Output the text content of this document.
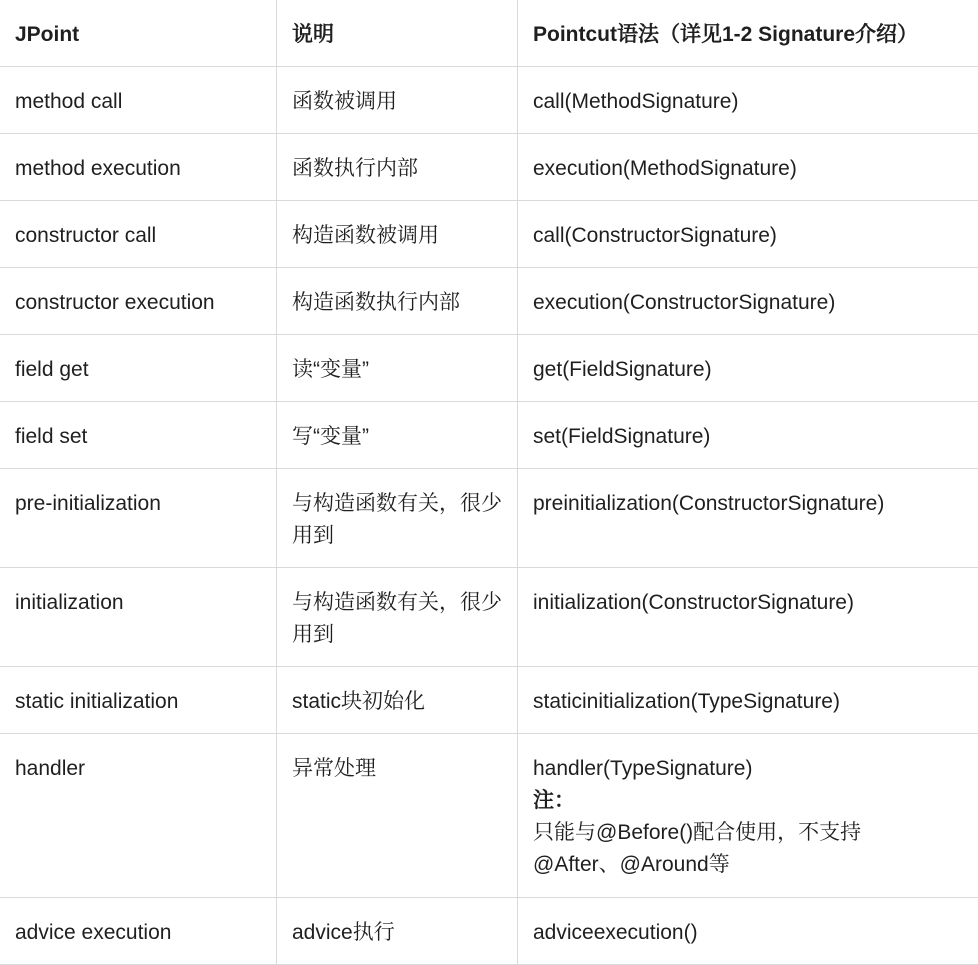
JPoint	说明	Pointcut语法（详见1-2 Signature介绍）
method call	函数被调用	call(MethodSignature)
method execution	函数执行内部	execution(MethodSignature)
constructor call	构造函数被调用	call(ConstructorSignature)
constructor execution	构造函数执行内部	execution(ConstructorSignature)
field get	读“变量”	get(FieldSignature)
field set	写“变量”	set(FieldSignature)
pre-initialization	与构造函数有关，很少用到	preinitialization(ConstructorSignature)
initialization	与构造函数有关，很少用到	initialization(ConstructorSignature)
static initialization	static块初始化	staticinitialization(TypeSignature)
handler	异常处理	handler(TypeSignature)
注：
只能与@Before()配合使用，不支持
@After、@Around等

advice execution	advice执行	adviceexecution()
